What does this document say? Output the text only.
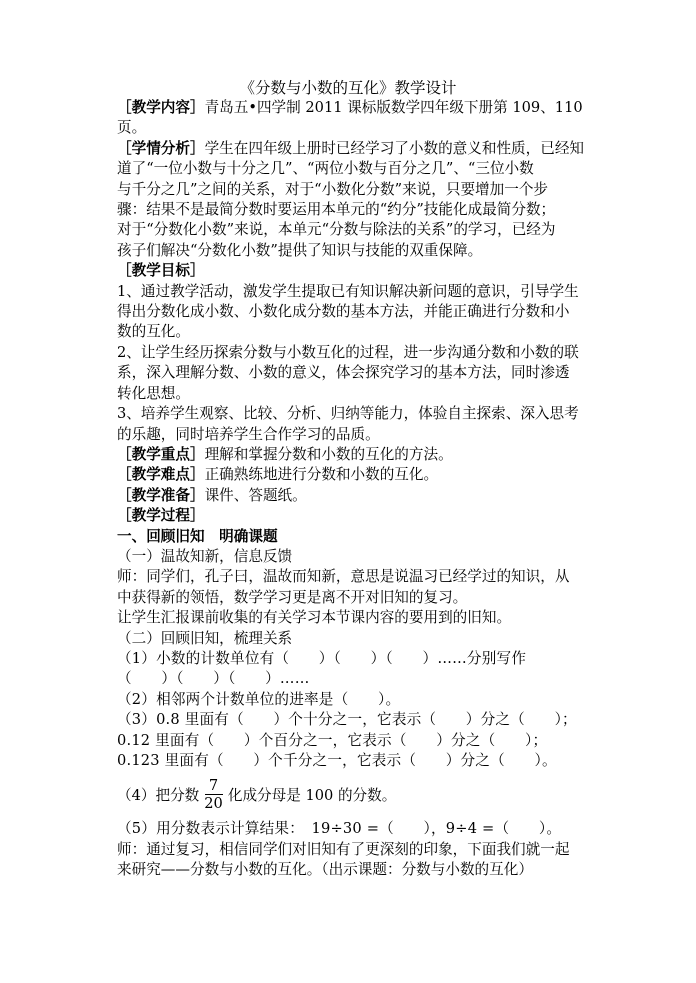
《分数与小数的互化》教学设计

［教学内容］青岛五•四学制 2011 课标版数学四年级下册第 109、110

页。

［学情分析］学生在四年级上册时已经学习了小数的意义和性质，已经知

道了“一位小数与十分之几”、“两位小数与百分之几”、“三位小数

与千分之几”之间的关系，对于“小数化分数”来说，只要增加一个步

骤：结果不是最简分数时要运用本单元的“约分”技能化成最简分数；

对于“分数化小数”来说，本单元“分数与除法的关系”的学习，已经为

孩子们解决“分数化小数”提供了知识与技能的双重保障。

［教学目标］

1、通过教学活动，激发学生提取已有知识解决新问题的意识，引导学生

得出分数化成小数、小数化成分数的基本方法，并能正确进行分数和小

数的互化。

2、让学生经历探索分数与小数互化的过程，进一步沟通分数和小数的联

系，深入理解分数、小数的意义，体会探究学习的基本方法，同时渗透

转化思想。

3、培养学生观察、比较、分析、归纳等能力，体验自主探索、深入思考

的乐趣，同时培养学生合作学习的品质。

［教学重点］理解和掌握分数和小数的互化的方法。

［教学难点］正确熟练地进行分数和小数的互化。

［教学准备］课件、答题纸。

［教学过程］

一、回顾旧知　明确课题

（一）温故知新，信息反馈

师：同学们，孔子曰，温故而知新，意思是说温习已经学过的知识，从

中获得新的领悟，数学学习更是离不开对旧知的复习。

让学生汇报课前收集的有关学习本节课内容的要用到的旧知。

（二）回顾旧知，梳理关系

（1）小数的计数单位有（　　）（　　）（　　）……分别写作

（　　）（　　）（　　）……

（2）相邻两个计数单位的进率是（　　）。

（3）0.8 里面有（　　）个十分之一，它表示（　　）分之（　　）；

0.12 里面有（　　）个百分之一，它表示（　　）分之（　　）；

0.123 里面有（　　）个千分之一，它表示（　　）分之（　　）。

（4）把分数 $\frac{7}{20}$ 化成分母是 100 的分数。

（5）用分数表示计算结果：　19÷30 =（　　），9÷4 =（　　）。

师：通过复习，相信同学们对旧知有了更深刻的印象，下面我们就一起

来研究——分数与小数的互化。（出示课题：分数与小数的互化）
